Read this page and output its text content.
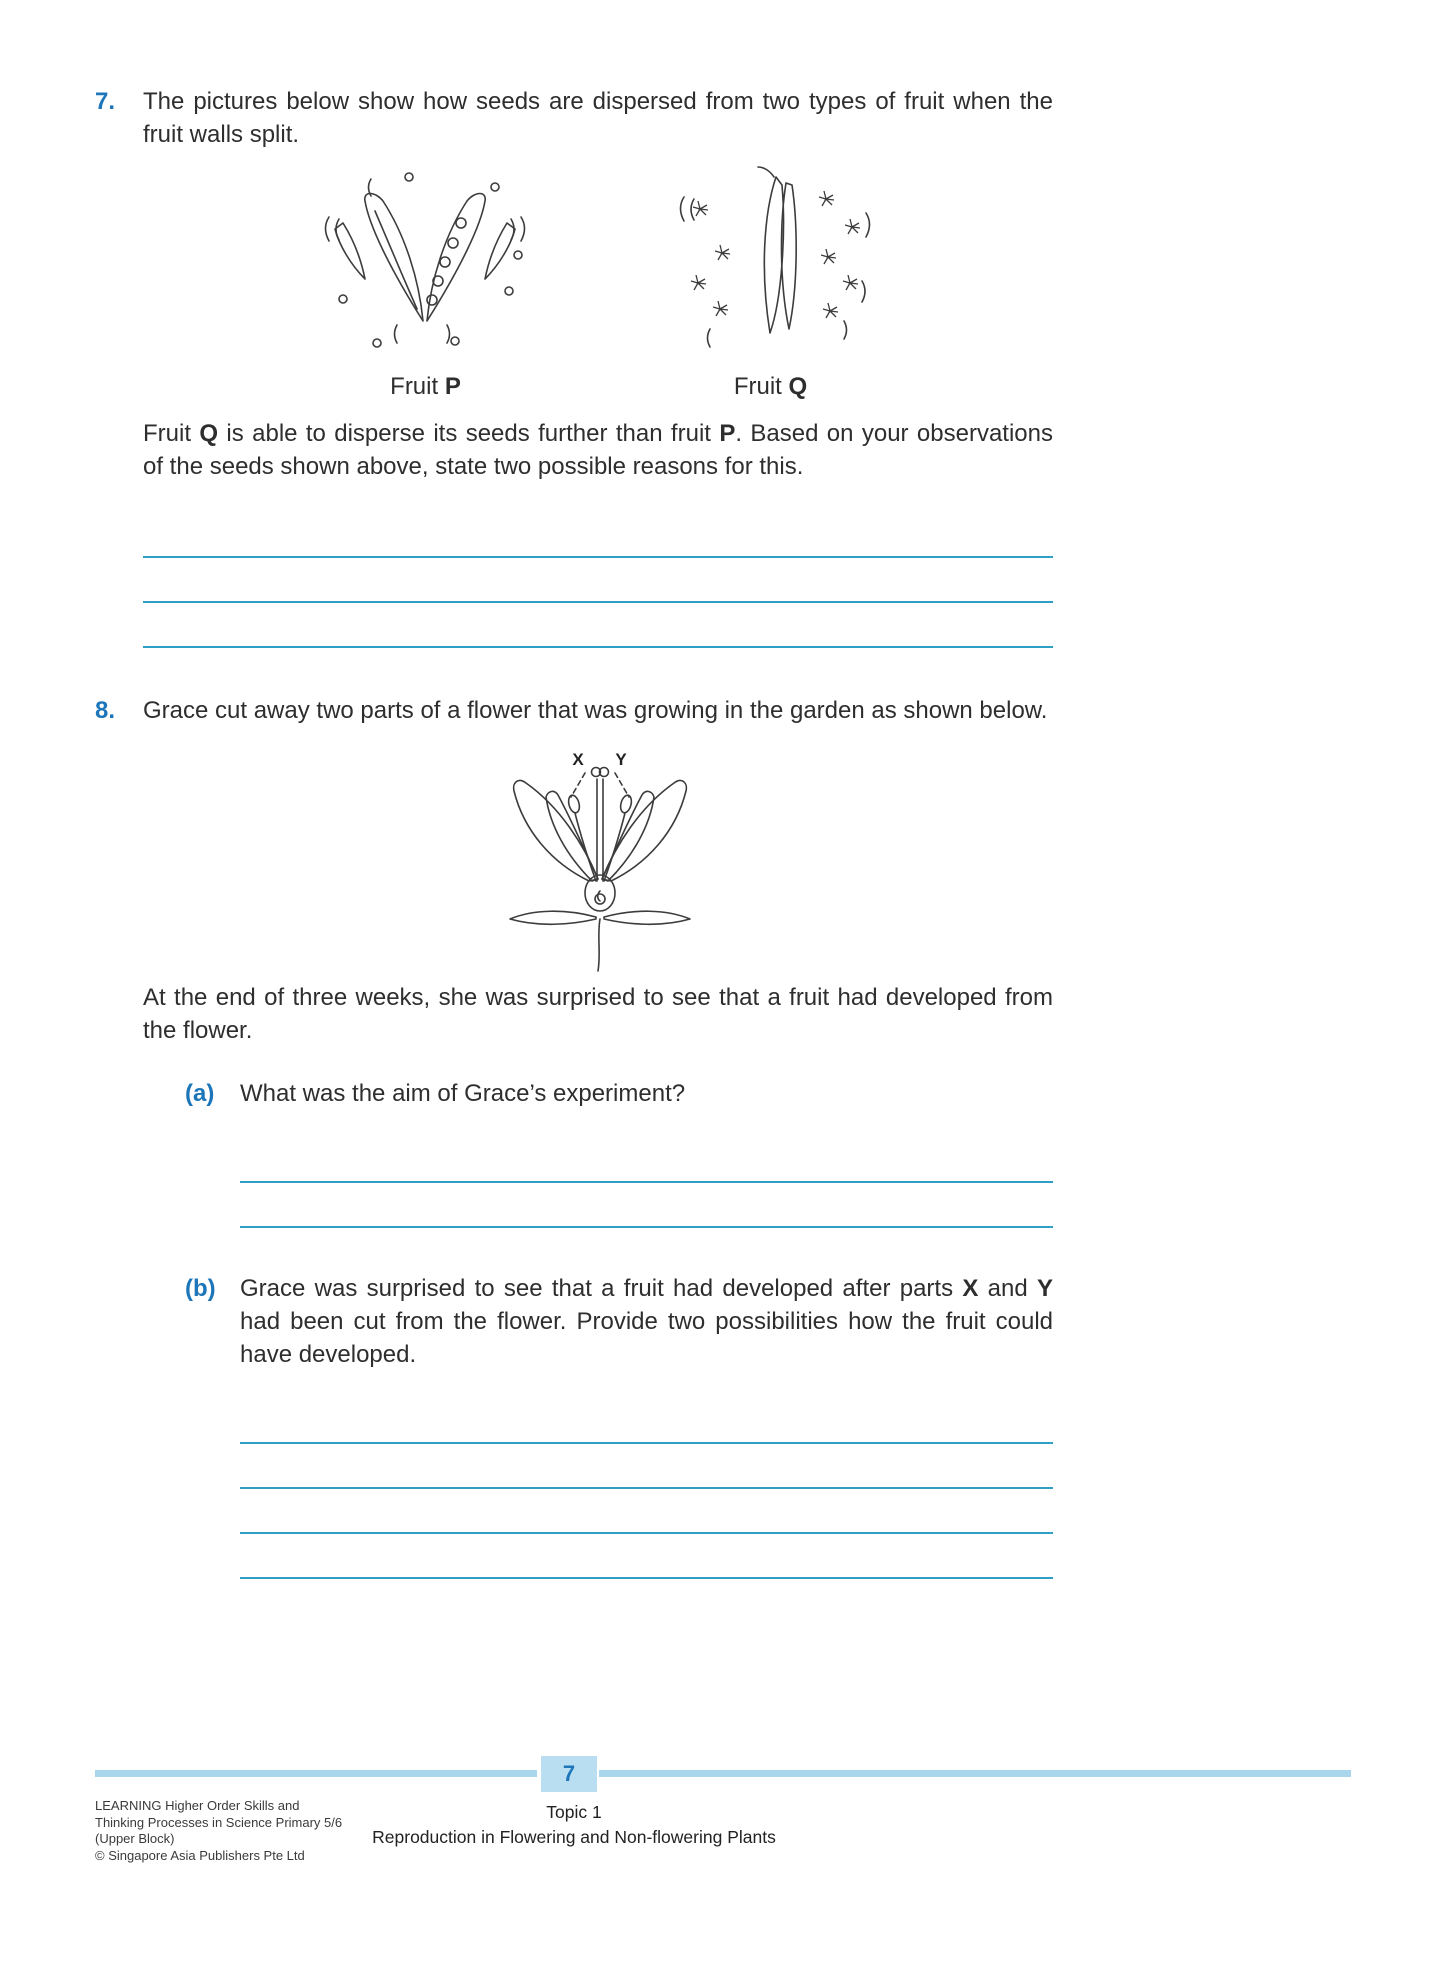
7.	The pictures below show how seeds are dispersed from two types of fruit when the fruit walls split.

Fruit P	Fruit Q

Fruit Q is able to disperse its seeds further than fruit P. Based on your observations of the seeds shown above, state two possible reasons for this.

8.	Grace cut away two parts of a flower that was growing in the garden as shown below.

X Y

At the end of three weeks, she was surprised to see that a fruit had developed from the flower.

(a)	What was the aim of Grace’s experiment?
(b)	Grace was surprised to see that a fruit had developed after parts X and Y had been cut from the flower. Provide two possibilities how the fruit could have developed.
7
LEARNING Higher Order Skills and
Thinking Processes in Science Primary 5/6
(Upper Block)
© Singapore Asia Publishers Pte Ltd
Topic 1
Reproduction in Flowering and Non-flowering Plants
